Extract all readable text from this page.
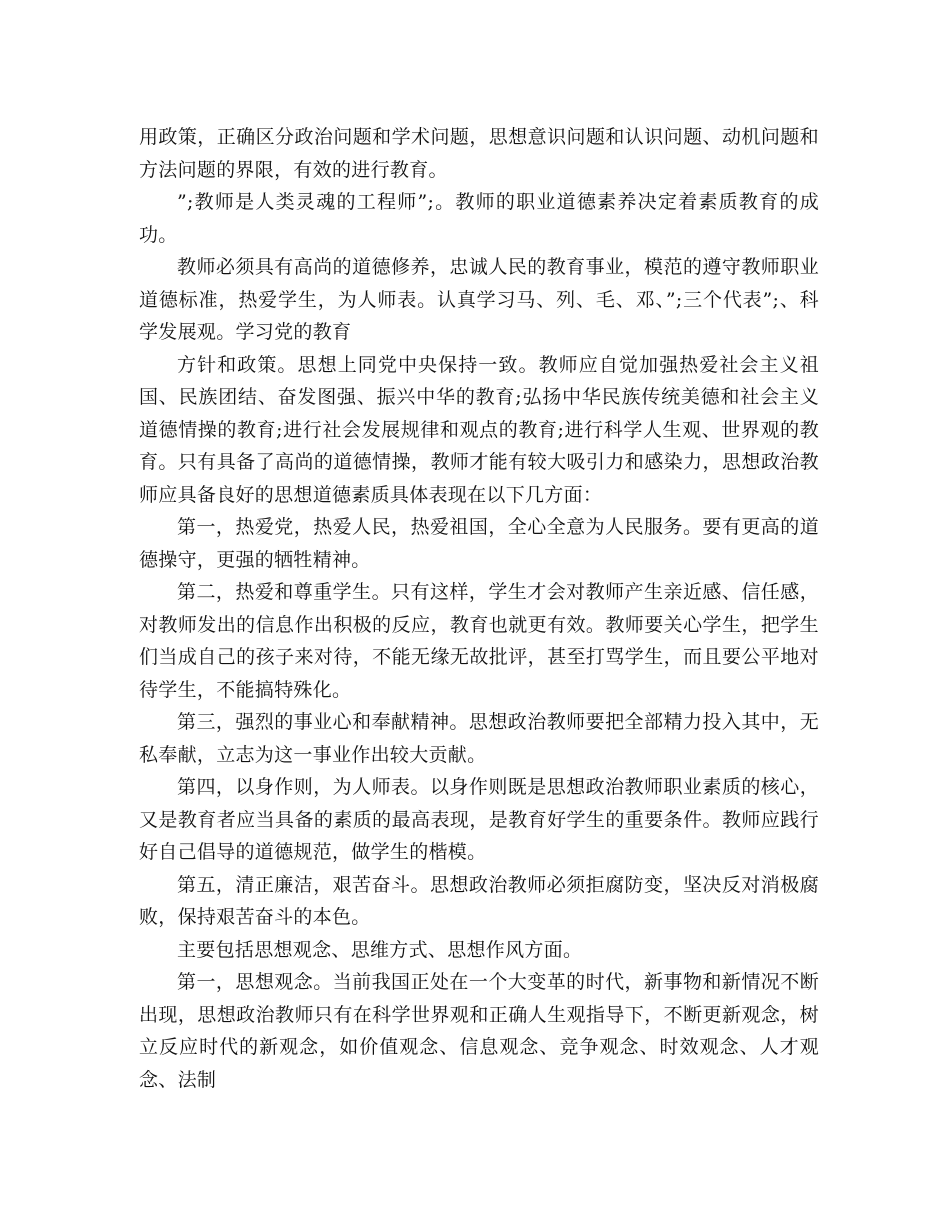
用政策，正确区分政治问题和学术问题，思想意识问题和认识问题、动机问题和方法问题的界限，有效的进行教育。

”;教师是人类灵魂的工程师”;。教师的职业道德素养决定着素质教育的成功。

教师必须具有高尚的道德修养，忠诚人民的教育事业，模范的遵守教师职业道德标准，热爱学生，为人师表。认真学习马、列、毛、邓、”;三个代表”;、科学发展观。学习党的教育

方针和政策。思想上同党中央保持一致。教师应自觉加强热爱社会主义祖国、民族团结、奋发图强、振兴中华的教育;弘扬中华民族传统美德和社会主义道德情操的教育;进行社会发展规律和观点的教育;进行科学人生观、世界观的教育。只有具备了高尚的道德情操，教师才能有较大吸引力和感染力，思想政治教师应具备良好的思想道德素质具体表现在以下几方面：

第一，热爱党，热爱人民，热爱祖国，全心全意为人民服务。要有更高的道德操守，更强的牺牲精神。

第二，热爱和尊重学生。只有这样，学生才会对教师产生亲近感、信任感，对教师发出的信息作出积极的反应，教育也就更有效。教师要关心学生，把学生们当成自己的孩子来对待，不能无缘无故批评，甚至打骂学生，而且要公平地对待学生，不能搞特殊化。

第三，强烈的事业心和奉献精神。思想政治教师要把全部精力投入其中，无私奉献，立志为这一事业作出较大贡献。

第四，以身作则，为人师表。以身作则既是思想政治教师职业素质的核心，又是教育者应当具备的素质的最高表现，是教育好学生的重要条件。教师应践行好自己倡导的道德规范，做学生的楷模。

第五，清正廉洁，艰苦奋斗。思想政治教师必须拒腐防变，坚决反对消极腐败，保持艰苦奋斗的本色。

主要包括思想观念、思维方式、思想作风方面。

第一，思想观念。当前我国正处在一个大变革的时代，新事物和新情况不断出现，思想政治教师只有在科学世界观和正确人生观指导下，不断更新观念，树立反应时代的新观念，如价值观念、信息观念、竞争观念、时效观念、人才观念、法制
